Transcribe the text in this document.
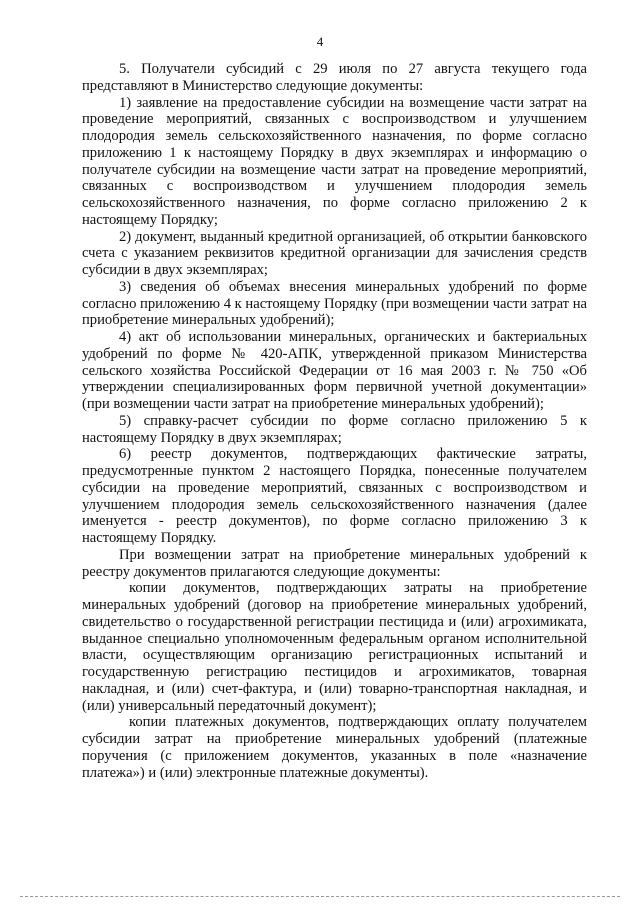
4

5. Получатели субсидий с 29 июля по 27 августа текущего года представляют в Министерство следующие документы:

1) заявление на предоставление субсидии на возмещение части затрат на проведение мероприятий, связанных с воспроизводством и улучшением плодородия земель сельскохозяйственного назначения, по форме согласно приложению 1 к настоящему Порядку в двух экземплярах и информацию о получателе субсидии на возмещение части затрат на проведение мероприятий, связанных с воспроизводством и улучшением плодородия земель сельскохозяйственного назначения, по форме согласно приложению 2 к настоящему Порядку;

2) документ, выданный кредитной организацией, об открытии банковского счета с указанием реквизитов кредитной организации для зачисления средств субсидии в двух экземплярах;

3) сведения об объемах внесения минеральных удобрений по форме согласно приложению 4 к настоящему Порядку (при возмещении части затрат на приобретение минеральных удобрений);

4) акт об использовании минеральных, органических и бактериальных удобрений по форме № 420-АПК, утвержденной приказом Министерства сельского хозяйства Российской Федерации от 16 мая 2003 г. № 750 «Об утверждении специализированных форм первичной учетной документации» (при возмещении части затрат на приобретение минеральных удобрений);

5) справку-расчет субсидии по форме согласно приложению 5 к настоящему Порядку в двух экземплярах;

6) реестр документов, подтверждающих фактические затраты, предусмотренные пунктом 2 настоящего Порядка, понесенные получателем субсидии на проведение мероприятий, связанных с воспроизводством и улучшением плодородия земель сельскохозяйственного назначения (далее именуется - реестр документов), по форме согласно приложению 3 к настоящему Порядку.

При возмещении затрат на приобретение минеральных удобрений к реестру документов прилагаются следующие документы:

копии документов, подтверждающих затраты на приобретение минеральных удобрений (договор на приобретение минеральных удобрений, свидетельство о государственной регистрации пестицида и (или) агрохимиката, выданное специально уполномоченным федеральным органом исполнительной власти, осуществляющим организацию регистрационных испытаний и государственную регистрацию пестицидов и агрохимикатов, товарная накладная, и (или) счет-фактура, и (или) товарно-транспортная накладная, и (или) универсальный передаточный документ);

копии платежных документов, подтверждающих оплату получателем субсидии затрат на приобретение минеральных удобрений (платежные поручения (с приложением документов, указанных в поле «назначение платежа») и (или) электронные платежные документы).
